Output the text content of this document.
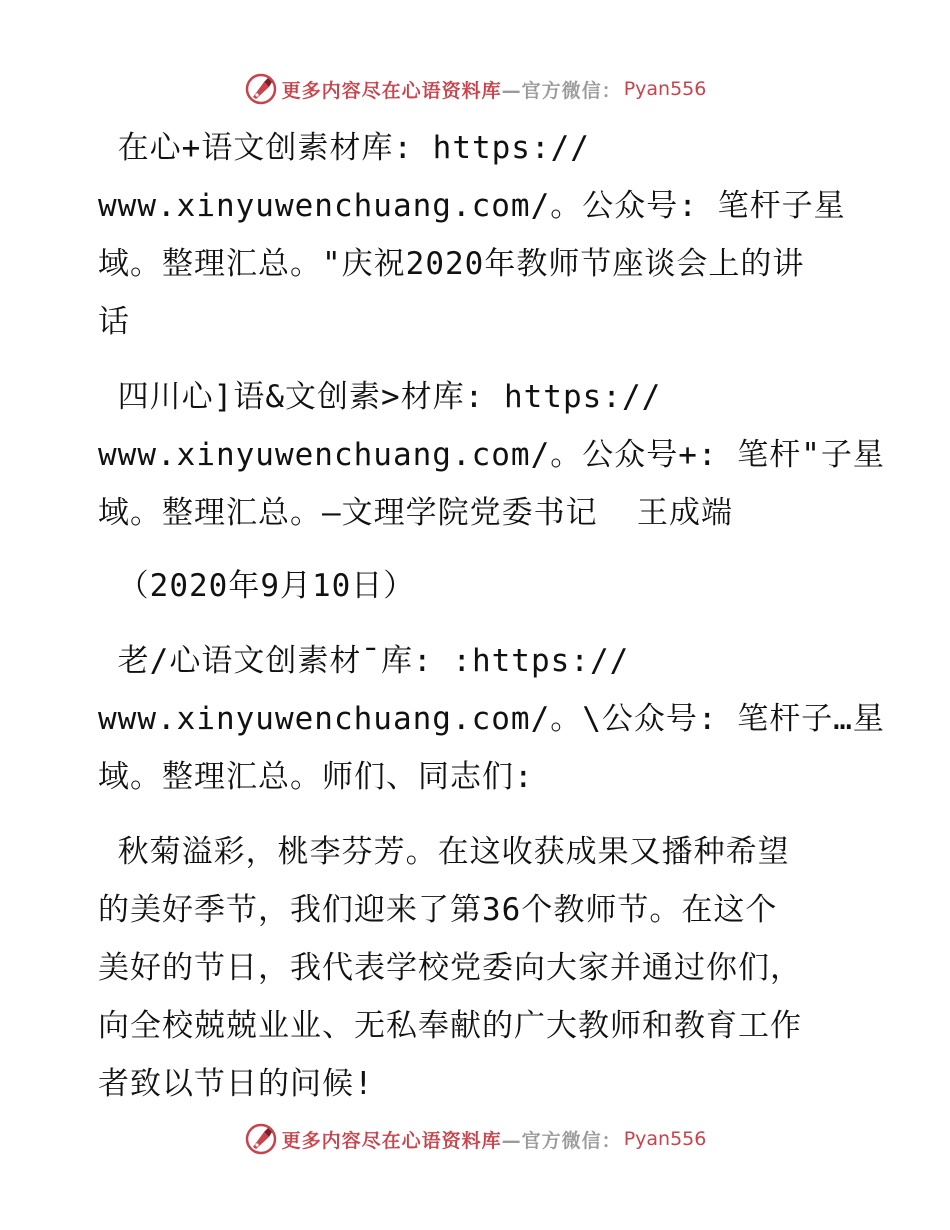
更多内容尽在心语资料库 —官方微信： Pyan556
在心+语文创素材库: https://
www.xinyuwenchuang.com/。公众号: 笔杆子星
域。整理汇总。"庆祝2020年教师节座谈会上的讲
话
四川心]语&文创素>材库: https://
www.xinyuwenchuang.com/。公众号+: 笔杆"子星
域。整理汇总。—文理学院党委书记  王成端
（2020年9月10日）
老/心语文创素材¯库: :https://
www.xinyuwenchuang.com/。\公众号: 笔杆子…星
域。整理汇总。师们、同志们:
秋菊溢彩，桃李芬芳。在这收获成果又播种希望
的美好季节，我们迎来了第36个教师节。在这个
美好的节日，我代表学校党委向大家并通过你们，
向全校兢兢业业、无私奉献的广大教师和教育工作
者致以节日的问候!
更多内容尽在心语资料库 —官方微信： Pyan556
